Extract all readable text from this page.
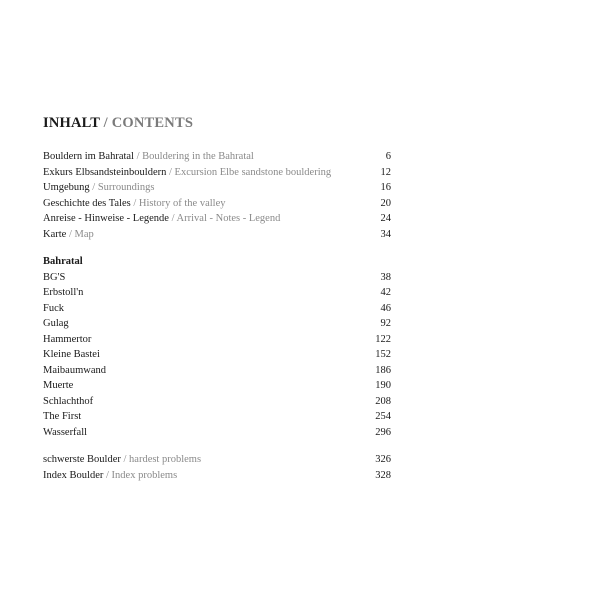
INHALT / CONTENTS
Bouldern im Bahratal / Bouldering in the Bahratal	6
Exkurs Elbsandsteinbouldern / Excursion Elbe sandstone bouldering	12
Umgebung / Surroundings	16
Geschichte des Tales / History of the valley	20
Anreise - Hinweise - Legende / Arrival - Notes - Legend	24
Karte / Map	34
Bahratal
BG'S	38
Erbstoll'n	42
Fuck	46
Gulag	92
Hammertor	122
Kleine Bastei	152
Maibaumwand	186
Muerte	190
Schlachthof	208
The First	254
Wasserfall	296
schwerste Boulder / hardest problems	326
Index Boulder / Index problems	328
